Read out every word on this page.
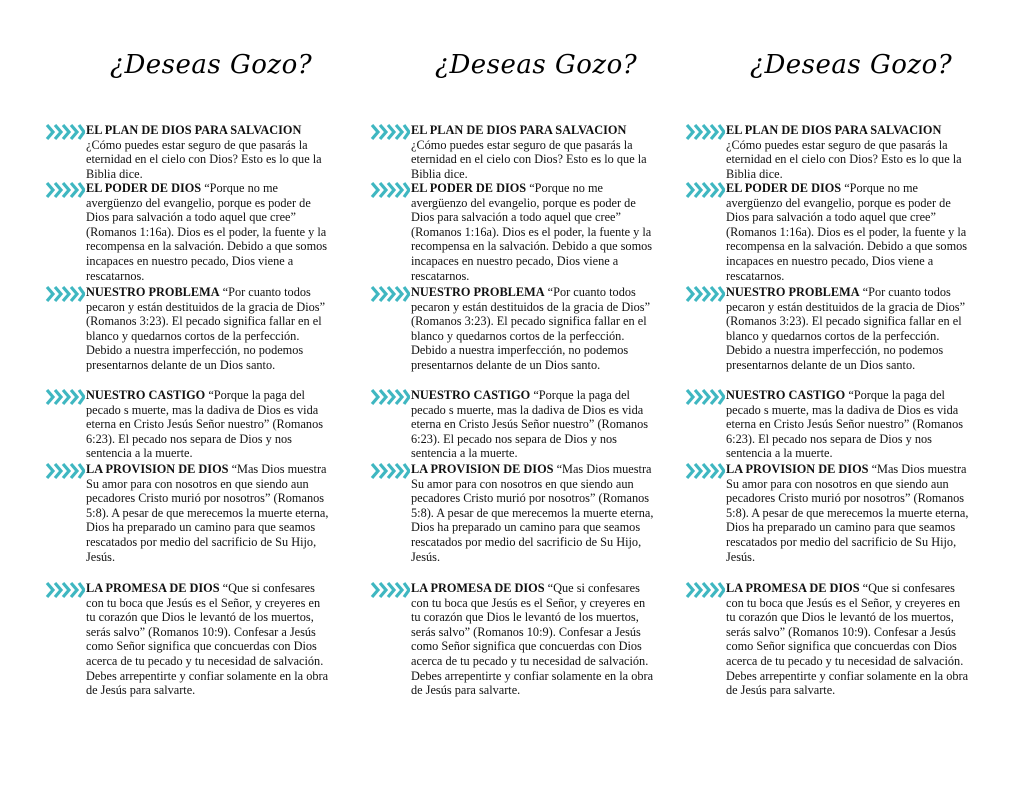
¿Deseas Gozo?
EL PLAN DE DIOS PARA SALVACION
¿Cómo puedes estar seguro de que pasarás la eternidad en el cielo con Dios? Esto es lo que la Biblia dice.
EL PODER DE DIOS “Porque no me avergüenzo del evangelio, porque es poder de Dios para salvación a todo aquel que cree” (Romanos 1:16a). Dios es el poder, la fuente y la recompensa en la salvación. Debido a que somos incapaces en nuestro pecado, Dios viene a rescatarnos.
NUESTRO PROBLEMA “Por cuanto todos pecaron y están destituidos de la gracia de Dios” (Romanos 3:23). El pecado significa fallar en el blanco y quedarnos cortos de la perfección. Debido a nuestra imperfección, no podemos presentarnos delante de un Dios santo.
NUESTRO CASTIGO “Porque la paga del pecado s muerte, mas la dadiva de Dios es vida eterna en Cristo Jesús Señor nuestro” (Romanos 6:23). El pecado nos separa de Dios y nos sentencia a la muerte.
LA PROVISION DE DIOS “Mas Dios muestra Su amor para con nosotros en que siendo aun pecadores Cristo murió por nosotros” (Romanos 5:8). A pesar de que merecemos la muerte eterna, Dios ha preparado un camino para que seamos rescatados por medio del sacrificio de Su Hijo, Jesús.
LA PROMESA DE DIOS “Que si confesares con tu boca que Jesús es el Señor, y creyeres en tu corazón que Dios le levantó de los muertos, serás salvo” (Romanos 10:9). Confesar a Jesús como Señor significa que concuerdas con Dios acerca de tu pecado y tu necesidad de salvación. Debes arrepentirte y confiar solamente en la obra de Jesús para salvarte.
¿Deseas Gozo?
EL PLAN DE DIOS PARA SALVACION
¿Cómo puedes estar seguro de que pasarás la eternidad en el cielo con Dios? Esto es lo que la Biblia dice.
EL PODER DE DIOS “Porque no me avergüenzo del evangelio, porque es poder de Dios para salvación a todo aquel que cree” (Romanos 1:16a). Dios es el poder, la fuente y la recompensa en la salvación. Debido a que somos incapaces en nuestro pecado, Dios viene a rescatarnos.
NUESTRO PROBLEMA “Por cuanto todos pecaron y están destituidos de la gracia de Dios” (Romanos 3:23). El pecado significa fallar en el blanco y quedarnos cortos de la perfección. Debido a nuestra imperfección, no podemos presentarnos delante de un Dios santo.
NUESTRO CASTIGO “Porque la paga del pecado s muerte, mas la dadiva de Dios es vida eterna en Cristo Jesús Señor nuestro” (Romanos 6:23). El pecado nos separa de Dios y nos sentencia a la muerte.
LA PROVISION DE DIOS “Mas Dios muestra Su amor para con nosotros en que siendo aun pecadores Cristo murió por nosotros” (Romanos 5:8). A pesar de que merecemos la muerte eterna, Dios ha preparado un camino para que seamos rescatados por medio del sacrificio de Su Hijo, Jesús.
LA PROMESA DE DIOS “Que si confesares con tu boca que Jesús es el Señor, y creyeres en tu corazón que Dios le levantó de los muertos, serás salvo” (Romanos 10:9). Confesar a Jesús como Señor significa que concuerdas con Dios acerca de tu pecado y tu necesidad de salvación. Debes arrepentirte y confiar solamente en la obra de Jesús para salvarte.
¿Deseas Gozo?
EL PLAN DE DIOS PARA SALVACION
¿Cómo puedes estar seguro de que pasarás la eternidad en el cielo con Dios? Esto es lo que la Biblia dice.
EL PODER DE DIOS “Porque no me avergüenzo del evangelio, porque es poder de Dios para salvación a todo aquel que cree” (Romanos 1:16a). Dios es el poder, la fuente y la recompensa en la salvación. Debido a que somos incapaces en nuestro pecado, Dios viene a rescatarnos.
NUESTRO PROBLEMA “Por cuanto todos pecaron y están destituidos de la gracia de Dios” (Romanos 3:23). El pecado significa fallar en el blanco y quedarnos cortos de la perfección. Debido a nuestra imperfección, no podemos presentarnos delante de un Dios santo.
NUESTRO CASTIGO “Porque la paga del pecado s muerte, mas la dadiva de Dios es vida eterna en Cristo Jesús Señor nuestro” (Romanos 6:23). El pecado nos separa de Dios y nos sentencia a la muerte.
LA PROVISION DE DIOS “Mas Dios muestra Su amor para con nosotros en que siendo aun pecadores Cristo murió por nosotros” (Romanos 5:8). A pesar de que merecemos la muerte eterna, Dios ha preparado un camino para que seamos rescatados por medio del sacrificio de Su Hijo, Jesús.
LA PROMESA DE DIOS “Que si confesares con tu boca que Jesús es el Señor, y creyeres en tu corazón que Dios le levantó de los muertos, serás salvo” (Romanos 10:9). Confesar a Jesús como Señor significa que concuerdas con Dios acerca de tu pecado y tu necesidad de salvación. Debes arrepentirte y confiar solamente en la obra de Jesús para salvarte.
